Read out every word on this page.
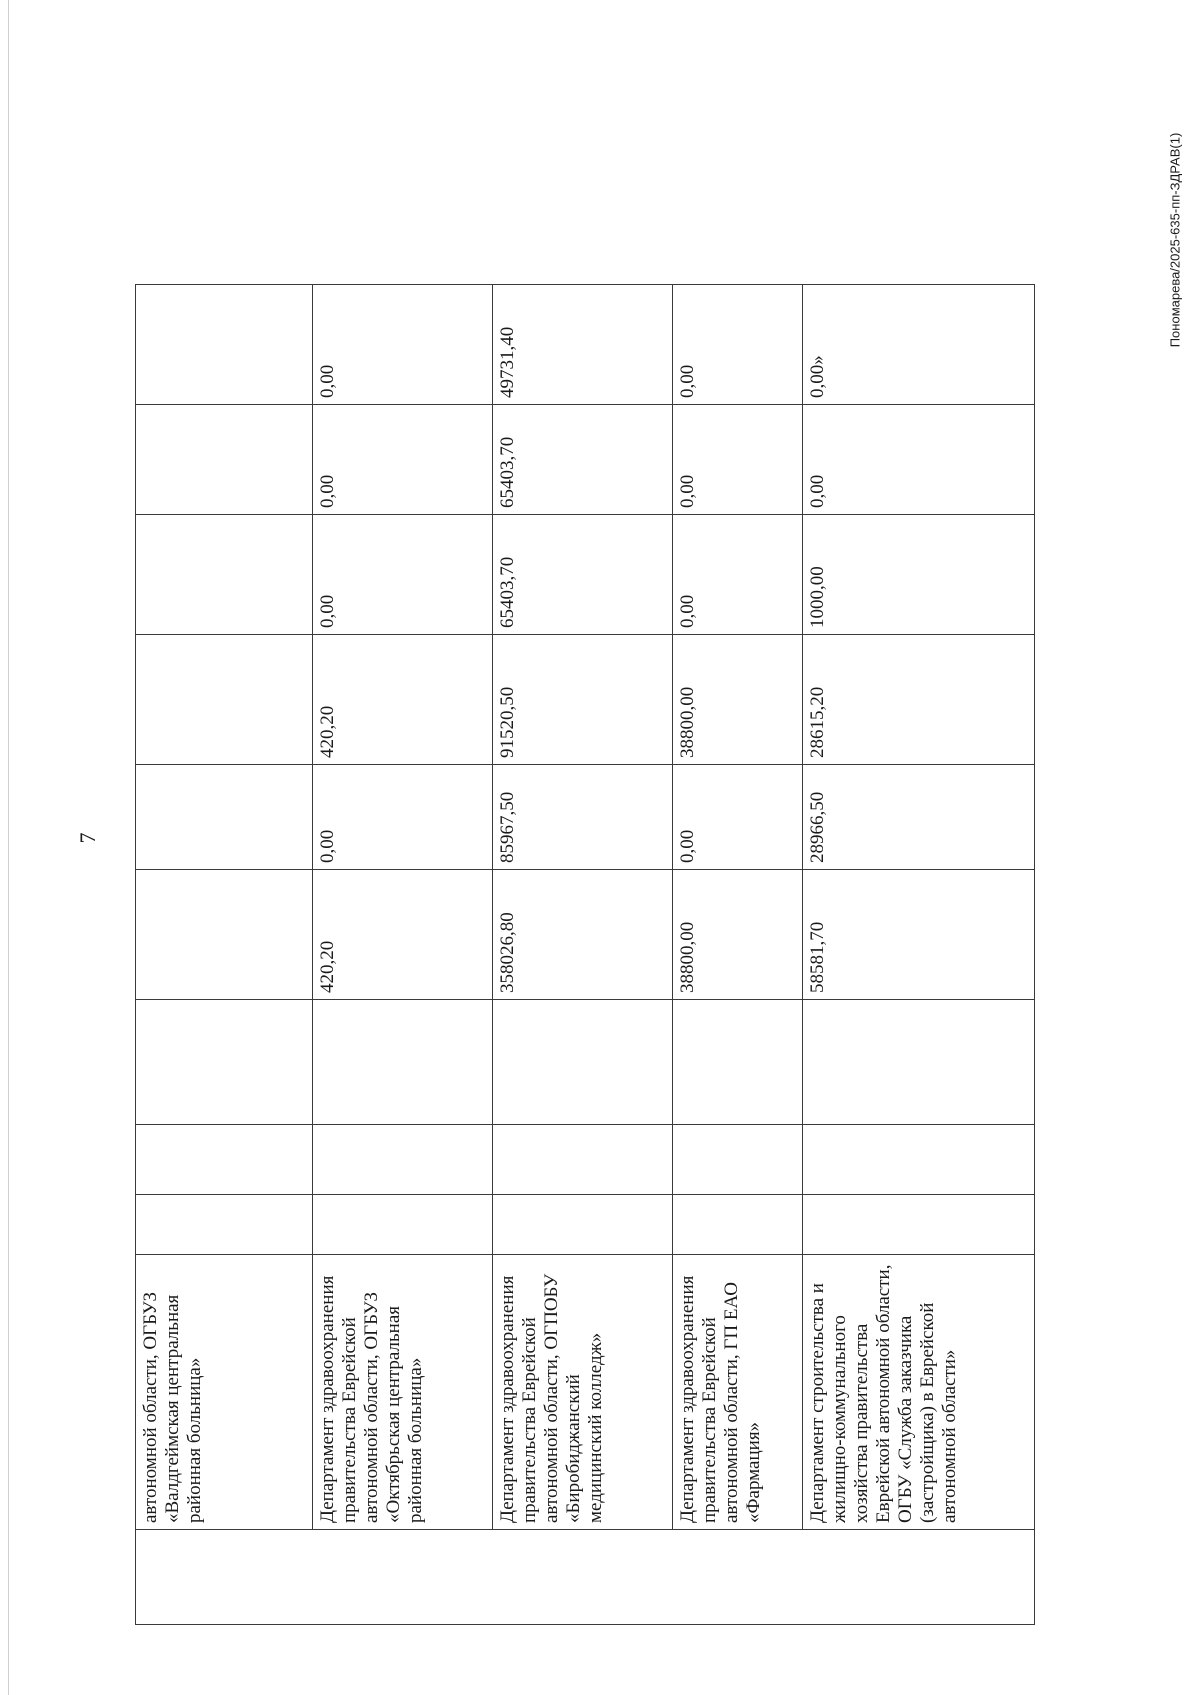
7
Пономарева/2025-635-пп-ЗДРАВ(1)
		автономной области, ОГБУЗ «Валдгеймская центральная районная больница»									
	Департамент здравоохранения правительства Еврейской автономной области, ОГБУЗ «Октябрьская центральная районная больница»				420,20	0,00	420,20	0,00	0,00	0,00
	Департамент здравоохранения правительства Еврейской автономной области, ОГПОБУ «Биробиджанский медицинский колледж»				358026,80	85967,50	91520,50	65403,70	65403,70	49731,40
	Департамент здравоохранения правительства Еврейской автономной области, ГП ЕАО «Фармация»				38800,00	0,00	38800,00	0,00	0,00	0,00
	Департамент строительства и жилищно-коммунального хозяйства правительства Еврейской автономной области, ОГБУ «Служба заказчика (застройщика) в Еврейской автономной области»				58581,70	28966,50	28615,20	1000,00	0,00	0,00»
